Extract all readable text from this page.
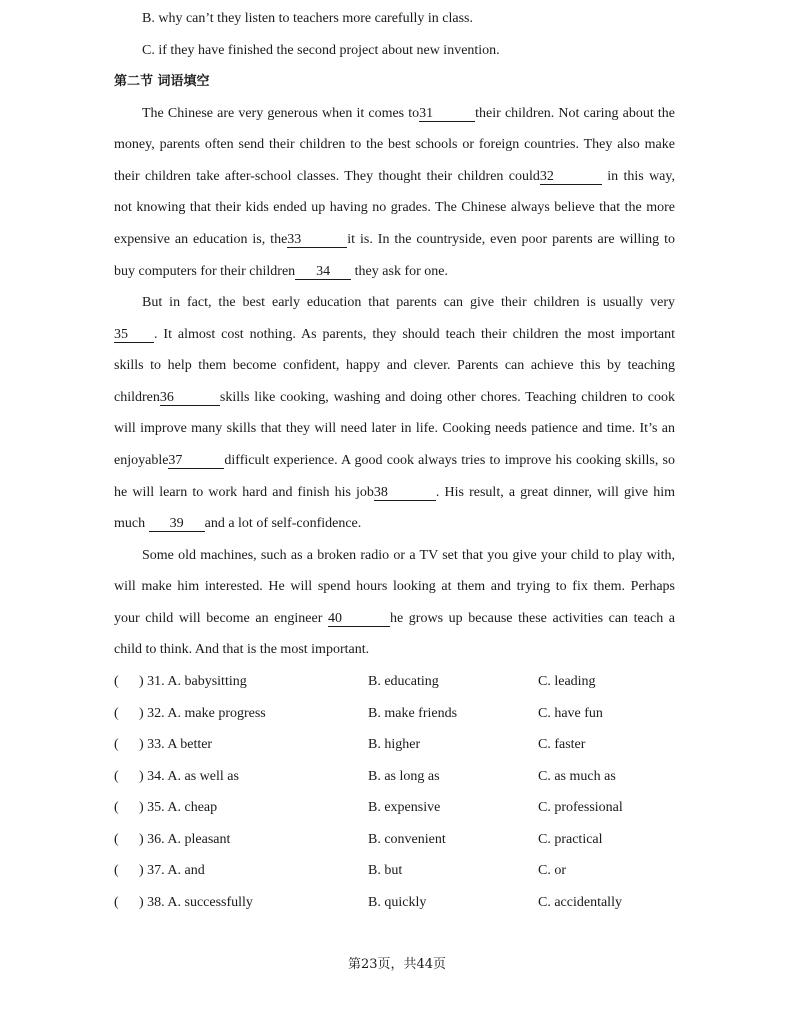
B. why can’t they listen to teachers more carefully in class.
C. if they have finished the second project about new invention.
第二节 词语填空
The Chinese are very generous when it comes to31	their children. Not caring about the
money, parents often send their children to the best schools or foreign countries. They also make
their children take after-school classes. They thought their children could32	in this way,
not knowing that their kids ended up having no grades. The Chinese always believe that the more
expensive an education is, the33	it is. In the countryside, even poor parents are willing to
buy computers for their children 34 they ask for one.
But in fact, the best early education that parents can give their children is usually very
35 . It almost cost nothing. As parents, they should teach their children the most important
skills to help them become confident, happy and clever. Parents can achieve this by teaching
children36	skills like cooking, washing and doing other chores. Teaching children to cook
will improve many skills that they will need later in life. Cooking needs patience and time. It’s an
enjoyable37	difficult experience. A good cook always tries to improve his cooking skills, so
he will learn to work hard and finish his job38	. His result, a great dinner, will give him
much 39 and a lot of self-confidence.
Some old machines, such as a broken radio or a TV set that you give your child to play with,
will make him interested. He will spend hours looking at them and trying to fix them. Perhaps
your child will become an engineer 40	he grows up because these activities can teach a
child to think. And that is the most important.
( ) 31. A. babysitting	B. educating	C. leading
( ) 32. A. make progress	B. make friends	C. have fun
( ) 33. A better	B. higher	C. faster
( ) 34. A. as well as	B. as long as	C. as much as
( ) 35. A. cheap	B. expensive	C. professional
( ) 36. A. pleasant	B. convenient	C. practical
( ) 37. A. and	B. but	C. or
( ) 38. A. successfully	B. quickly	C. accidentally
第23页，共44页
